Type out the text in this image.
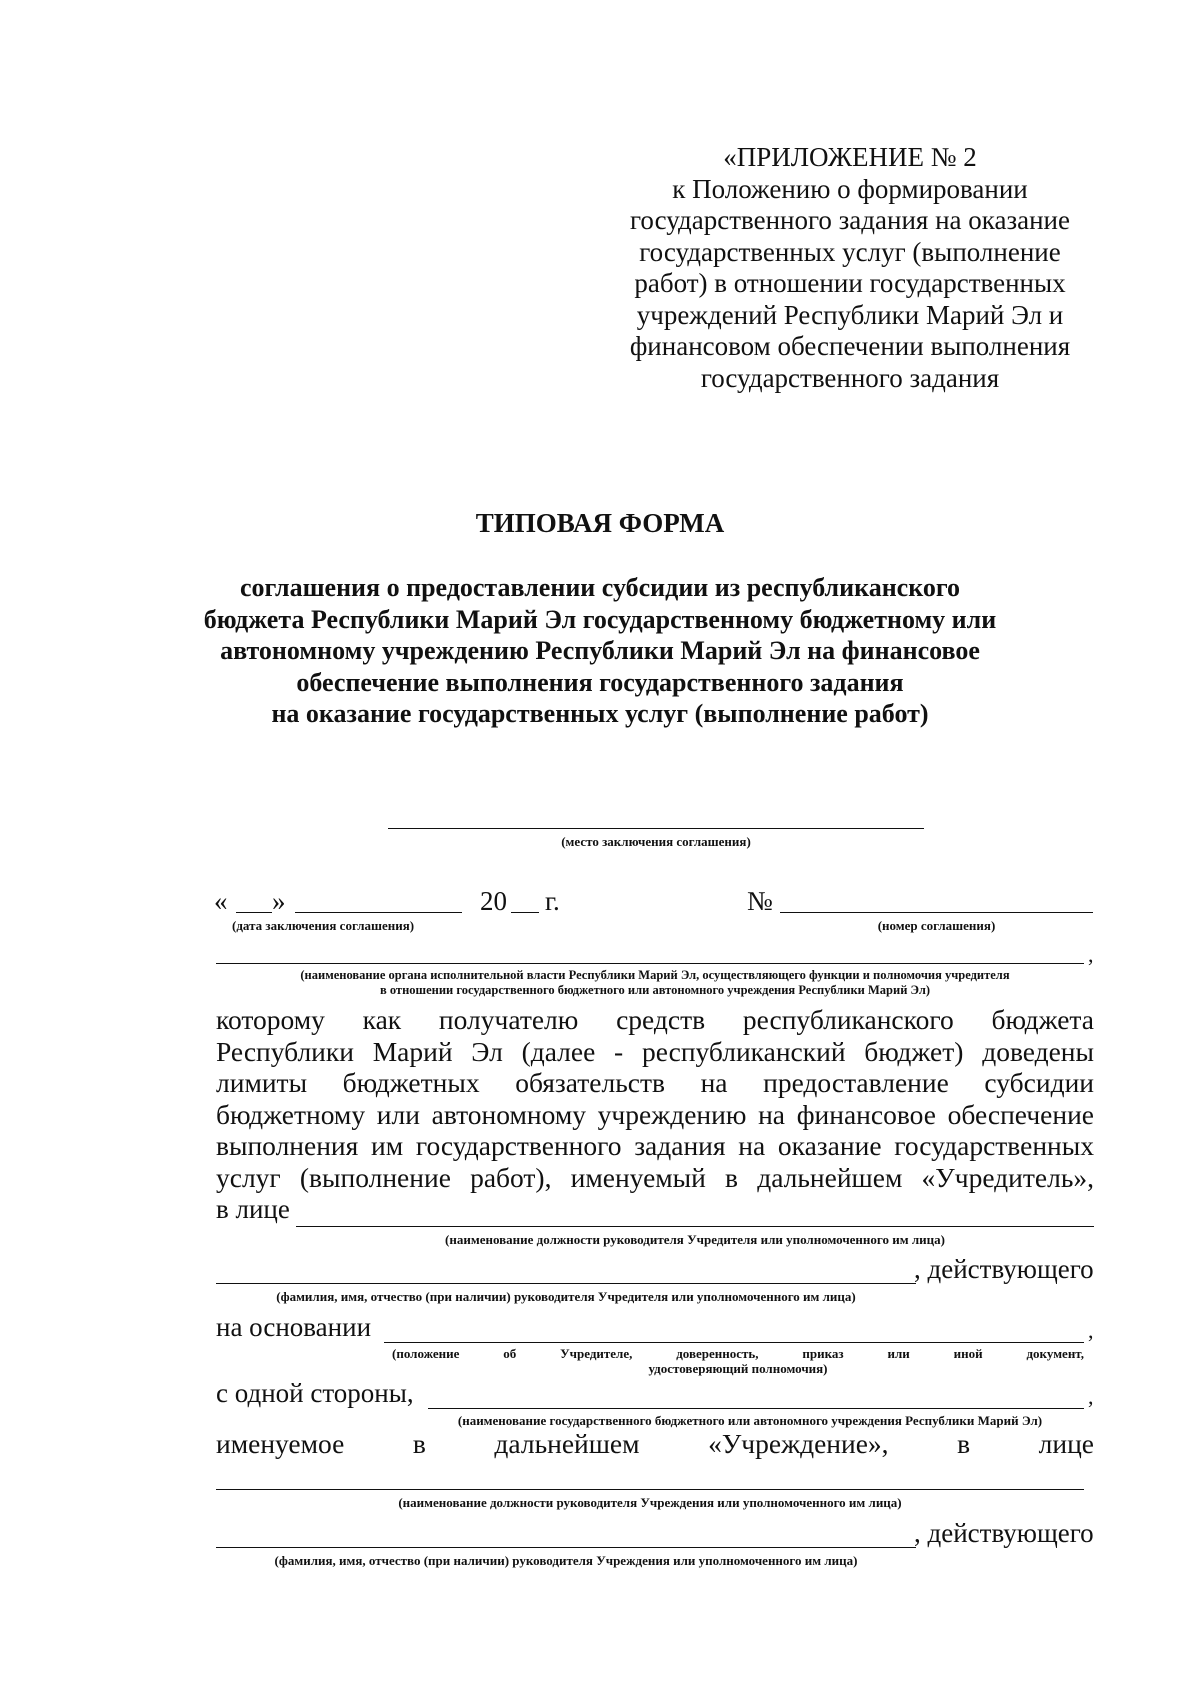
«ПРИЛОЖЕНИЕ № 2
к Положению о формировании
государственного задания на оказание
государственных услуг (выполнение
работ) в отношении государственных
учреждений Республики Марий Эл и
финансовом обеспечении выполнения
государственного задания
ТИПОВАЯ ФОРМА
соглашения о предоставлении субсидии из республиканского
бюджета Республики Марий Эл государственному бюджетному или
автономному учреждению Республики Марий Эл на финансовое
обеспечение выполнения государственного задания
на оказание государственных услуг (выполнение работ)
(место заключения соглашения)
« »	20 г.
(дата заключения соглашения)
№
(номер соглашения)
,
(наименование органа исполнительной власти Республики Марий Эл, осуществляющего функции и полномочия учредителя
в отношении государственного бюджетного или автономного учреждения Республики Марий Эл)
которому как получателю средств республиканского бюджета
Республики Марий Эл (далее - республиканский бюджет) доведены
лимиты бюджетных обязательств на предоставление субсидии
бюджетному или автономному учреждению на финансовое обеспечение
выполнения им государственного задания на оказание государственных
услуг (выполнение работ), именуемый в дальнейшем «Учредитель»,
в лице
(наименование должности руководителя Учредителя или уполномоченного им лица)
, действующего
(фамилия, имя, отчество (при наличии) руководителя Учредителя или уполномоченного им лица)
на основании	,
(положение	об	Учредителе,	доверенность,	приказ	или	иной	документ,
удостоверяющий полномочия)
с одной стороны,	,
(наименование государственного бюджетного или автономного учреждения Республики Марий Эл)
именуемое в дальнейшем «Учреждение», в лице
(наименование должности руководителя Учреждения или уполномоченного им лица)
, действующего
(фамилия, имя, отчество (при наличии) руководителя Учреждения или уполномоченного им лица)
